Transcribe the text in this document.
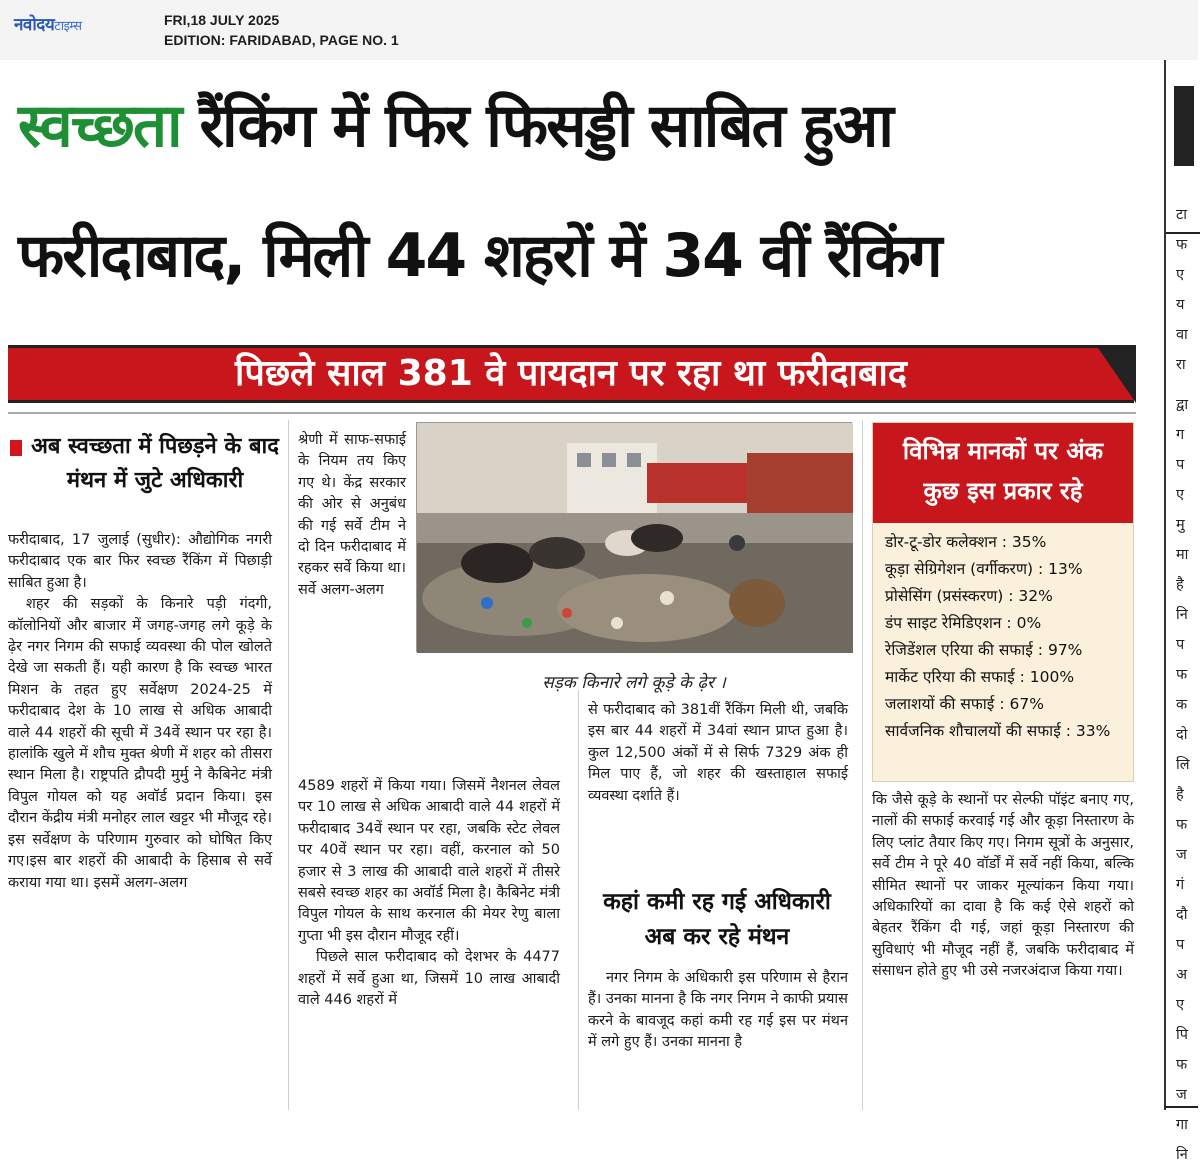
नवोदयटाइम्स	FRI,18 JULY 2025
EDITION: FARIDABAD, PAGE NO. 1
स्वच्छता रैंकिंग में फिर फिसड्डी साबित हुआ
फरीदाबाद, मिली 44 शहरों में 34 वीं रैंकिंग
पिछले साल 381 वे पायदान पर रहा था फरीदाबाद
अब स्वच्छता में पिछड़ने के बाद मंथन में जुटे अधिकारी

फरीदाबाद, 17 जुलाई (सुधीर): औद्योगिक नगरी फरीदाबाद एक बार फिर स्वच्छ रैंकिंग में पिछाड़ी साबित हुआ है।

शहर की सड़कों के किनारे पड़ी गंदगी, कॉलोनियों और बाजार में जगह-जगह लगे कूड़े के ढ़ेर नगर निगम की सफाई व्यवस्था की पोल खोलते देखे जा सकती हैं। यही कारण है कि स्वच्छ भारत मिशन के तहत हुए सर्वेक्षण 2024-25 में फरीदाबाद देश के 10 लाख से अधिक आबादी वाले 44 शहरों की सूची में 34वें स्थान पर रहा है। हालांकि खुले में शौच मुक्त श्रेणी में शहर को तीसरा स्थान मिला है। राष्ट्रपति द्रौपदी मुर्मु ने कैबिनेट मंत्री विपुल गोयल को यह अवॉर्ड प्रदान किया। इस दौरान केंद्रीय मंत्री मनोहर लाल खट्टर भी मौजूद रहे। इस सर्वेक्षण के परिणाम गुरुवार को घोषित किए गए।इस बार शहरों की आबादी के हिसाब से सर्वे कराया गया था। इसमें अलग-अलग

श्रेणी में साफ-सफाई के नियम तय किए गए थे। केंद्र सरकार की ओर से अनुबंध की गई सर्वे टीम ने दो दिन फरीदाबाद में रहकर सर्वे किया था। सर्वे अलग-अलग

4589 शहरों में किया गया। जिसमें नैशनल लेवल पर 10 लाख से अधिक आबादी वाले 44 शहरों में फरीदाबाद 34वें स्थान पर रहा, जबकि स्टेट लेवल पर 40वें स्थान पर रहा। वहीं, करनाल को 50 हजार से 3 लाख की आबादी वाले शहरों में तीसरे सबसे स्वच्छ शहर का अवॉर्ड मिला है। कैबिनेट मंत्री विपुल गोयल के साथ करनाल की मेयर रेणु बाला गुप्ता भी इस दौरान मौजूद रहीं।

पिछले साल फरीदाबाद को देशभर के 4477 शहरों में सर्वे हुआ था, जिसमें 10 लाख आबादी वाले 446 शहरों में

सड़क किनारे लगे कूड़े के ढ़ेर ।
विभिन्न मानकों पर अंक
कुछ इस प्रकार रहे
डोर-टू-डोर कलेक्शन : 35%
कूड़ा सेग्रिगेशन (वर्गीकरण) : 13%
प्रोसेसिंग (प्रसंस्करण) : 32%
डंप साइट रेमिडिएशन : 0%
रेजिडेंशल एरिया की सफाई : 97%
मार्केट एरिया की सफाई : 100%
जलाशयों की सफाई : 67%
सार्वजनिक शौचालयों की सफाई : 33%

से फरीदाबाद को 381वीं रैंकिंग मिली थी, जबकि इस बार 44 शहरों में 34वां स्थान प्राप्त हुआ है। कुल 12,500 अंकों में से सिर्फ 7329 अंक ही मिल पाए हैं, जो शहर की खस्ताहाल सफाई व्यवस्था दर्शाते हैं।

कहां कमी रह गई अधिकारी अब कर रहे मंथन

नगर निगम के अधिकारी इस परिणाम से हैरान हैं। उनका मानना है कि नगर निगम ने काफी प्रयास करने के बावजूद कहां कमी रह गई इस पर मंथन में लगे हुए हैं। उनका मानना है

कि जैसे कूड़े के स्थानों पर सेल्फी पॉइंट बनाए गए, नालों की सफाई करवाई गई और कूड़ा निस्तारण के लिए प्लांट तैयार किए गए। निगम सूत्रों के अनुसार, सर्वे टीम ने पूरे 40 वॉर्डों में सर्वे नहीं किया, बल्कि सीमित स्थानों पर जाकर मूल्यांकन किया गया। अधिकारियों का दावा है कि कई ऐसे शहरों को बेहतर रैंकिंग दी गई, जहां कूड़ा निस्तारण की सुविधाएं भी मौजूद नहीं हैं, जबकि फरीदाबाद में संसाधन होते हुए भी उसे नजरअंदाज किया गया।

टा
फ
ए
य
वा
रा
द्वा
ग
प
ए
मु
मा
है
नि
प
फ
क
दो
लि
है
फ
ज
गं
दौ
प
अ
ए
पि
फ
ज
गा
नि
